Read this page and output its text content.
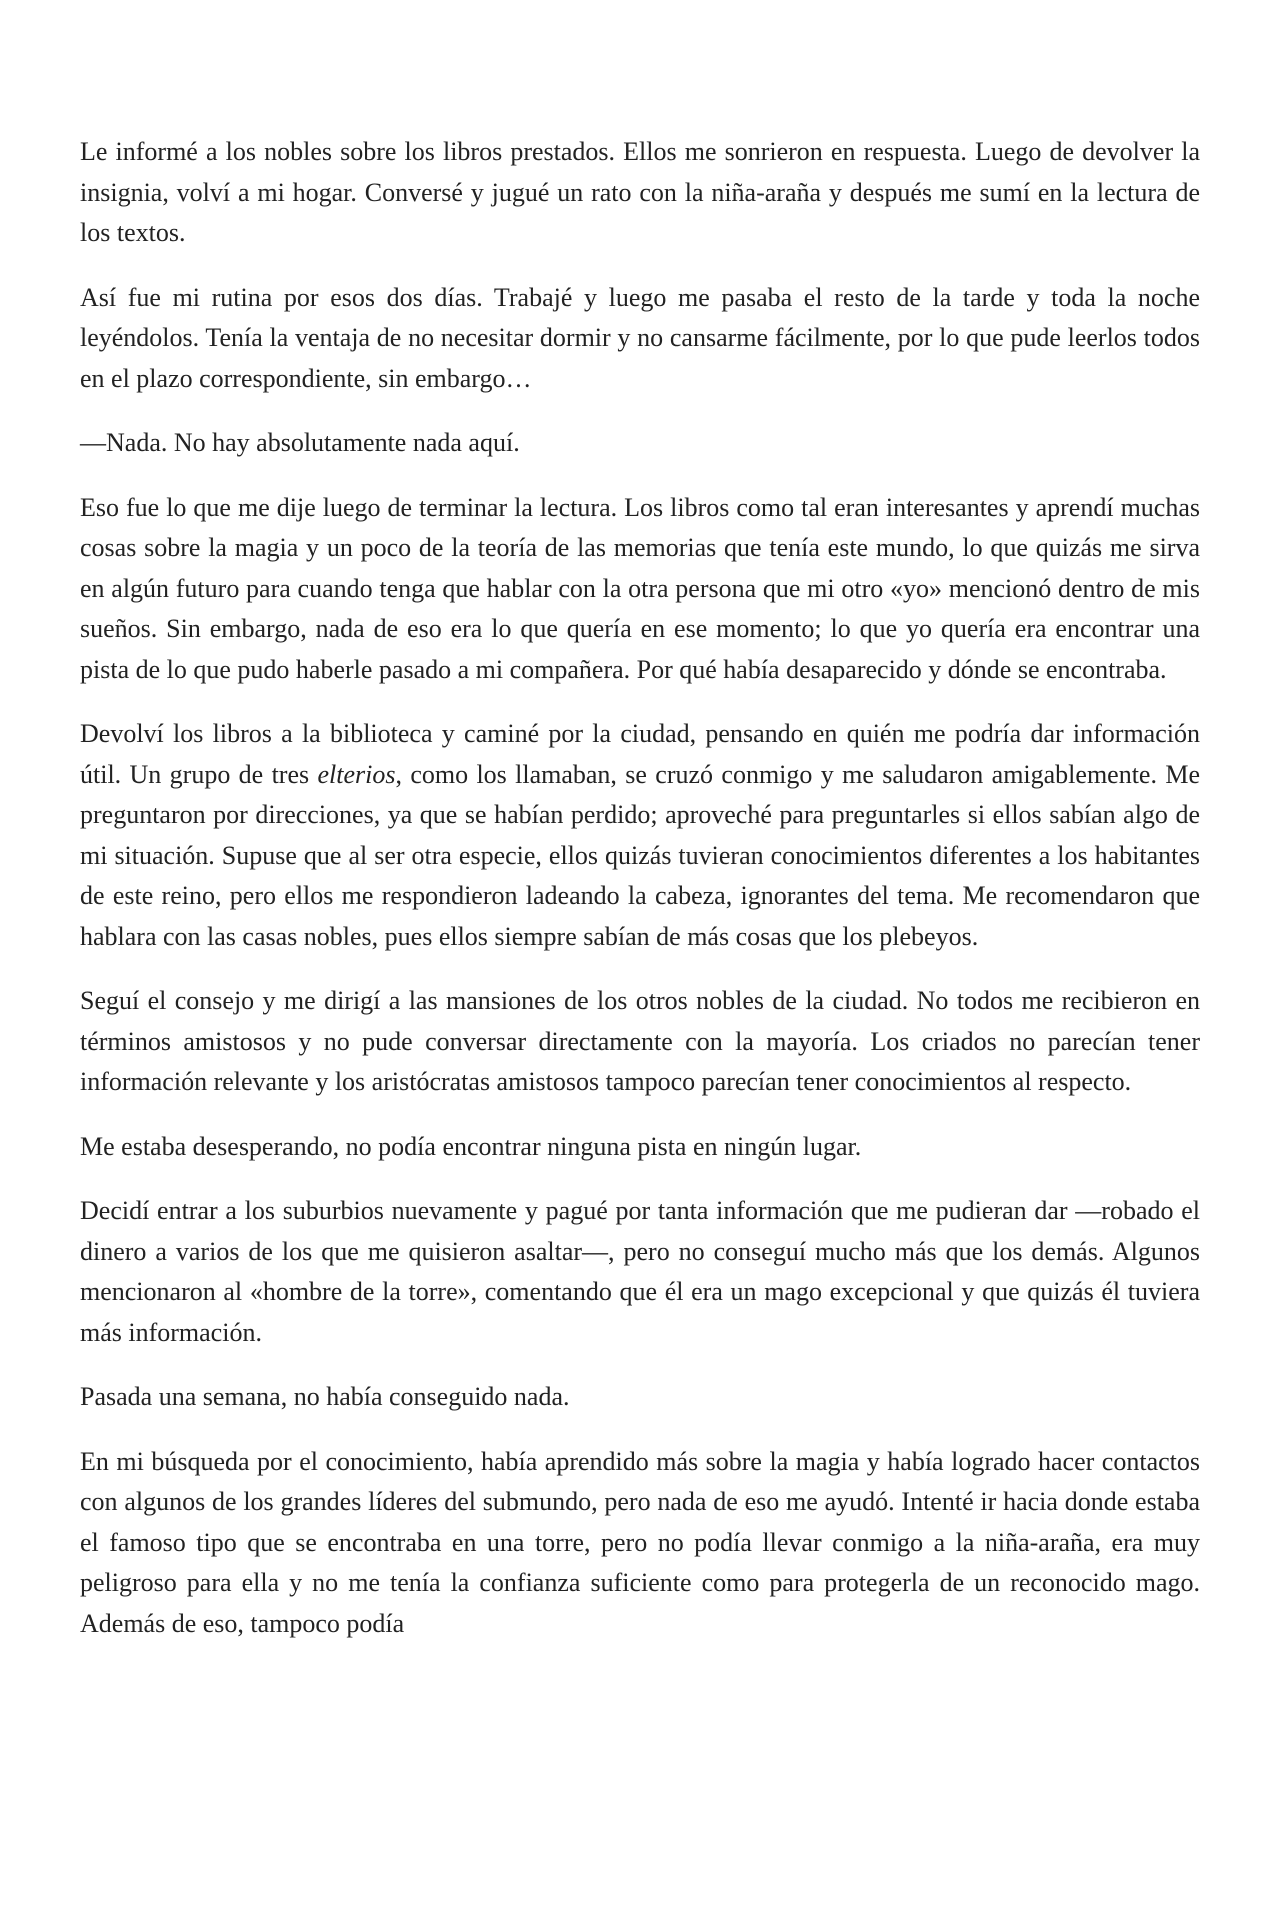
Le informé a los nobles sobre los libros prestados. Ellos me sonrieron en respuesta. Luego de devolver la insignia, volví a mi hogar. Conversé y jugué un rato con la niña-araña y después me sumí en la lectura de los textos.

Así fue mi rutina por esos dos días. Trabajé y luego me pasaba el resto de la tarde y toda la noche leyéndolos. Tenía la ventaja de no necesitar dormir y no cansarme fácilmente, por lo que pude leerlos todos en el plazo correspondiente, sin embargo…

—Nada. No hay absolutamente nada aquí.

Eso fue lo que me dije luego de terminar la lectura. Los libros como tal eran interesantes y aprendí muchas cosas sobre la magia y un poco de la teoría de las memorias que tenía este mundo, lo que quizás me sirva en algún futuro para cuando tenga que hablar con la otra persona que mi otro «yo» mencionó dentro de mis sueños. Sin embargo, nada de eso era lo que quería en ese momento; lo que yo quería era encontrar una pista de lo que pudo haberle pasado a mi compañera. Por qué había desaparecido y dónde se encontraba.

Devolví los libros a la biblioteca y caminé por la ciudad, pensando en quién me podría dar información útil. Un grupo de tres elterios, como los llamaban, se cruzó conmigo y me saludaron amigablemente. Me preguntaron por direcciones, ya que se habían perdido; aproveché para preguntarles si ellos sabían algo de mi situación. Supuse que al ser otra especie, ellos quizás tuvieran conocimientos diferentes a los habitantes de este reino, pero ellos me respondieron ladeando la cabeza, ignorantes del tema. Me recomendaron que hablara con las casas nobles, pues ellos siempre sabían de más cosas que los plebeyos.

Seguí el consejo y me dirigí a las mansiones de los otros nobles de la ciudad. No todos me recibieron en términos amistosos y no pude conversar directamente con la mayoría. Los criados no parecían tener información relevante y los aristócratas amistosos tampoco parecían tener conocimientos al respecto.

Me estaba desesperando, no podía encontrar ninguna pista en ningún lugar.

Decidí entrar a los suburbios nuevamente y pagué por tanta información que me pudieran dar —robado el dinero a varios de los que me quisieron asaltar—, pero no conseguí mucho más que los demás. Algunos mencionaron al «hombre de la torre», comentando que él era un mago excepcional y que quizás él tuviera más información.

Pasada una semana, no había conseguido nada.

En mi búsqueda por el conocimiento, había aprendido más sobre la magia y había logrado hacer contactos con algunos de los grandes líderes del submundo, pero nada de eso me ayudó. Intenté ir hacia donde estaba el famoso tipo que se encontraba en una torre, pero no podía llevar conmigo a la niña-araña, era muy peligroso para ella y no me tenía la confianza suficiente como para protegerla de un reconocido mago. Además de eso, tampoco podía
